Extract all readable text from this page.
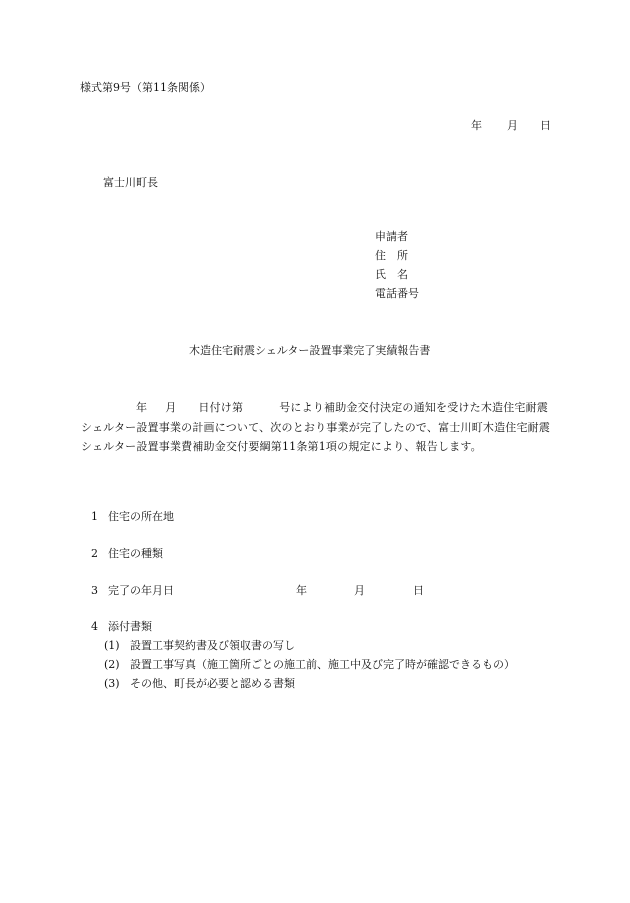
様式第9号（第11条関係）
年 月 日
富士川町長
申請者
住　所
氏　名
電話番号
木造住宅耐震シェルター設置事業完了実績報告書
年 月 日付け第	号により補助金交付決定の通知を受けた木造住宅耐震シェルター設置事業の計画について、次のとおり事業が完了したので、富士川町木造住宅耐震シェルター設置事業費補助金交付要綱第11条第1項の規定により、報告します。
1 住宅の所在地
2 住宅の種類
3 完了の年月日	年	月	日
4 添付書類
(1) 設置工事契約書及び領収書の写し
(2) 設置工事写真（施工箇所ごとの施工前、施工中及び完了時が確認できるもの）
(3) その他、町長が必要と認める書類
